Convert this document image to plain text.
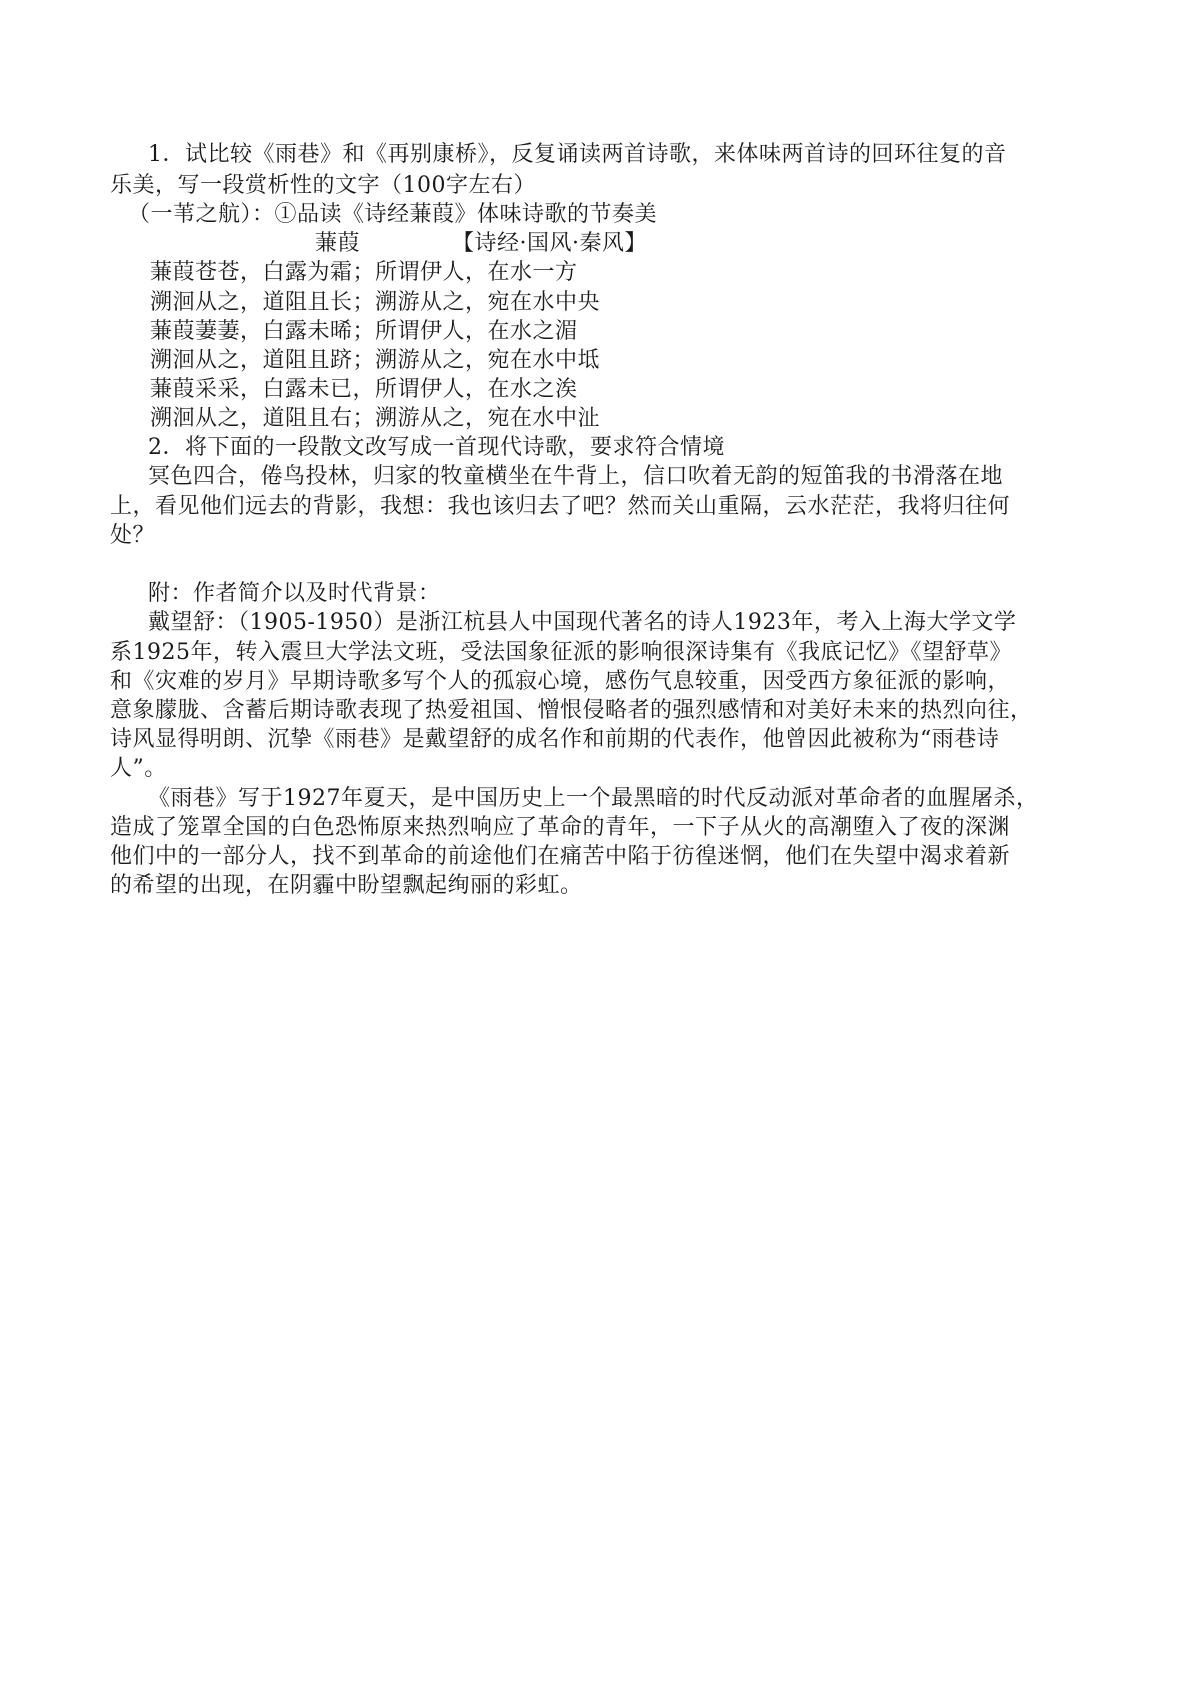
1．试比较《雨巷》和《再别康桥》，反复诵读两首诗歌，来体味两首诗的回环往复的音
乐美，写一段赏析性的文字（100字左右）
（一苇之航）：①品读《诗经蒹葭》体味诗歌的节奏美
蒹葭	【诗经·国风·秦风】
蒹葭苍苍，白露为霜；所谓伊人，在水一方
溯洄从之，道阻且长；溯游从之，宛在水中央
蒹葭萋萋，白露未晞；所谓伊人，在水之湄
溯洄从之，道阻且跻；溯游从之，宛在水中坻
蒹葭采采，白露未已，所谓伊人，在水之涘
溯洄从之，道阻且右；溯游从之，宛在水中沚
2．将下面的一段散文改写成一首现代诗歌，要求符合情境
冥色四合，倦鸟投林，归家的牧童横坐在牛背上，信口吹着无韵的短笛我的书滑落在地
上，看见他们远去的背影，我想：我也该归去了吧？然而关山重隔，云水茫茫，我将归往何
处？
附：作者简介以及时代背景：
戴望舒：（1905-1950）是浙江杭县人中国现代著名的诗人1923年，考入上海大学文学
系1925年，转入震旦大学法文班，受法国象征派的影响很深诗集有《我底记忆》《望舒草》
和《灾难的岁月》早期诗歌多写个人的孤寂心境，感伤气息较重，因受西方象征派的影响，
意象朦胧、含蓄后期诗歌表现了热爱祖国、憎恨侵略者的强烈感情和对美好未来的热烈向往，
诗风显得明朗、沉挚《雨巷》是戴望舒的成名作和前期的代表作，他曾因此被称为“雨巷诗
人”。
《雨巷》写于1927年夏天，是中国历史上一个最黑暗的时代反动派对革命者的血腥屠杀，
造成了笼罩全国的白色恐怖原来热烈响应了革命的青年，一下子从火的高潮堕入了夜的深渊
他们中的一部分人，找不到革命的前途他们在痛苦中陷于彷徨迷惘，他们在失望中渴求着新
的希望的出现，在阴霾中盼望飘起绚丽的彩虹。
